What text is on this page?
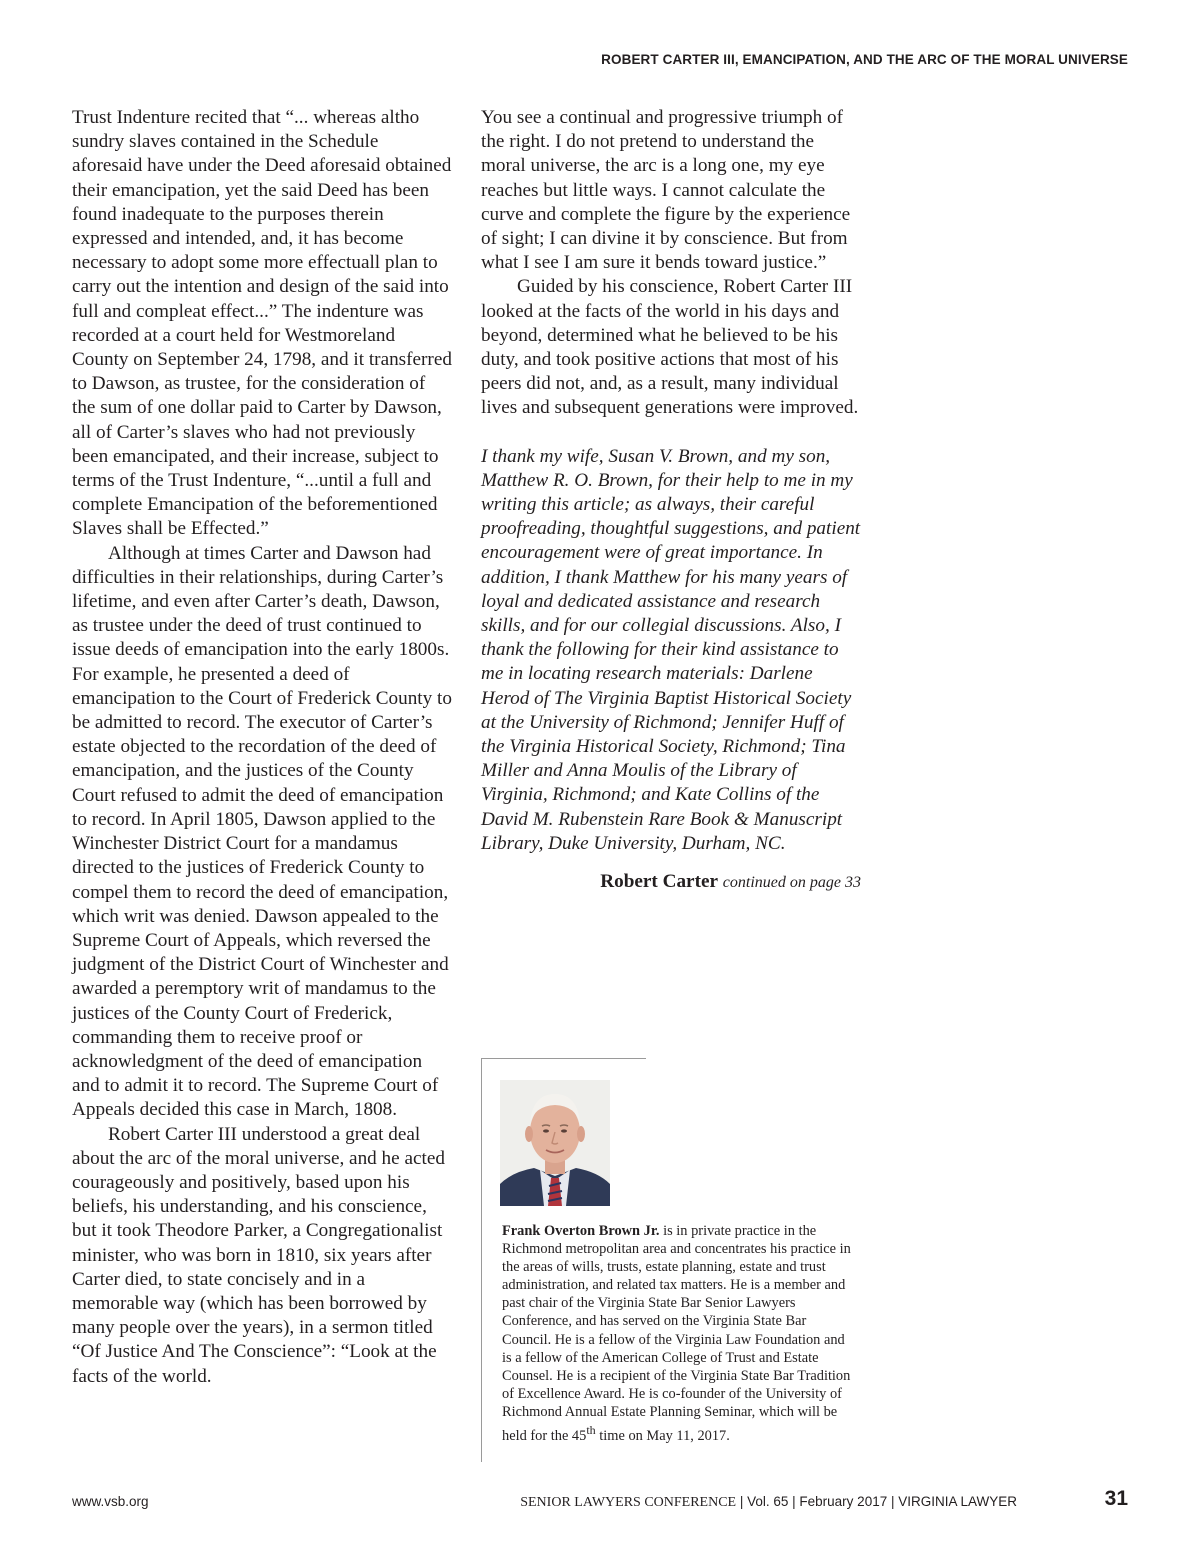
ROBERT CARTER III, EMANCIPATION, AND THE ARC OF THE MORAL UNIVERSE

Trust Indenture recited that “... whereas altho sundry slaves contained in the Schedule aforesaid have under the Deed aforesaid obtained their emancipation, yet the said Deed has been found inadequate to the purposes therein expressed and intended, and, it has become necessary to adopt some more effectuall plan to carry out the intention and design of the said into full and compleat effect...” The indenture was recorded at a court held for Westmoreland County on September 24, 1798, and it transferred to Dawson, as trustee, for the consideration of the sum of one dollar paid to Carter by Dawson, all of Carter’s slaves who had not previously been emancipated, and their increase, subject to terms of the Trust Indenture, “...until a full and complete Emancipation of the beforementioned Slaves shall be Effected.”

Although at times Carter and Dawson had difficulties in their relationships, during Carter’s lifetime, and even after Carter’s death, Dawson, as trustee under the deed of trust continued to issue deeds of emancipation into the early 1800s. For example, he presented a deed of emancipation to the Court of Frederick County to be admitted to record. The executor of Carter’s estate objected to the recordation of the deed of emancipation, and the justices of the County Court refused to admit the deed of emancipation to record. In April 1805, Dawson applied to the Winchester District Court for a mandamus directed to the justices of Frederick County to compel them to record the deed of emancipation, which writ was denied. Dawson appealed to the Supreme Court of Appeals, which reversed the judgment of the District Court of Winchester and awarded a peremptory writ of mandamus to the justices of the County Court of Frederick, commanding them to receive proof or acknowledgment of the deed of emancipation and to admit it to record. The Supreme Court of Appeals decided this case in March, 1808.

Robert Carter III understood a great deal about the arc of the moral universe, and he acted courageously and positively, based upon his beliefs, his understanding, and his conscience, but it took Theodore Parker, a Congregationalist minister, who was born in 1810, six years after Carter died, to state concisely and in a memorable way (which has been borrowed by many people over the years), in a sermon titled “Of Justice And The Conscience”: “Look at the facts of the world.

You see a continual and progressive triumph of the right. I do not pretend to understand the moral universe, the arc is a long one, my eye reaches but little ways. I cannot calculate the curve and complete the figure by the experience of sight; I can divine it by conscience. But from what I see I am sure it bends toward justice.”

Guided by his conscience, Robert Carter III looked at the facts of the world in his days and beyond, determined what he believed to be his duty, and took positive actions that most of his peers did not, and, as a result, many individual lives and subsequent generations were improved.

I thank my wife, Susan V. Brown, and my son, Matthew R. O. Brown, for their help to me in my writing this article; as always, their careful proofreading, thoughtful suggestions, and patient encouragement were of great importance. In addition, I thank Matthew for his many years of loyal and dedicated assistance and research skills, and for our collegial discussions. Also, I thank the following for their kind assistance to me in locating research materials: Darlene Herod of The Virginia Baptist Historical Society at the University of Richmond; Jennifer Huff of the Virginia Historical Society, Richmond; Tina Miller and Anna Moulis of the Library of Virginia, Richmond; and Kate Collins of the David M. Rubenstein Rare Book & Manuscript Library, Duke University, Durham, NC.

Robert Carter continued on page 33

Frank Overton Brown Jr. is in private practice in the Richmond metropolitan area and concentrates his practice in the areas of wills, trusts, estate planning, estate and trust administration, and related tax matters. He is a member and past chair of the Virginia State Bar Senior Lawyers Conference, and has served on the Virginia State Bar Council. He is a fellow of the Virginia Law Foundation and is a fellow of the American College of Trust and Estate Counsel. He is a recipient of the Virginia State Bar Tradition of Excellence Award. He is co-founder of the University of Richmond Annual Estate Planning Seminar, which will be held for the 45th time on May 11, 2017.

www.vsb.org	SENIOR LAWYERS CONFERENCE | Vol. 65 | February 2017 | VIRGINIA LAWYER	31
